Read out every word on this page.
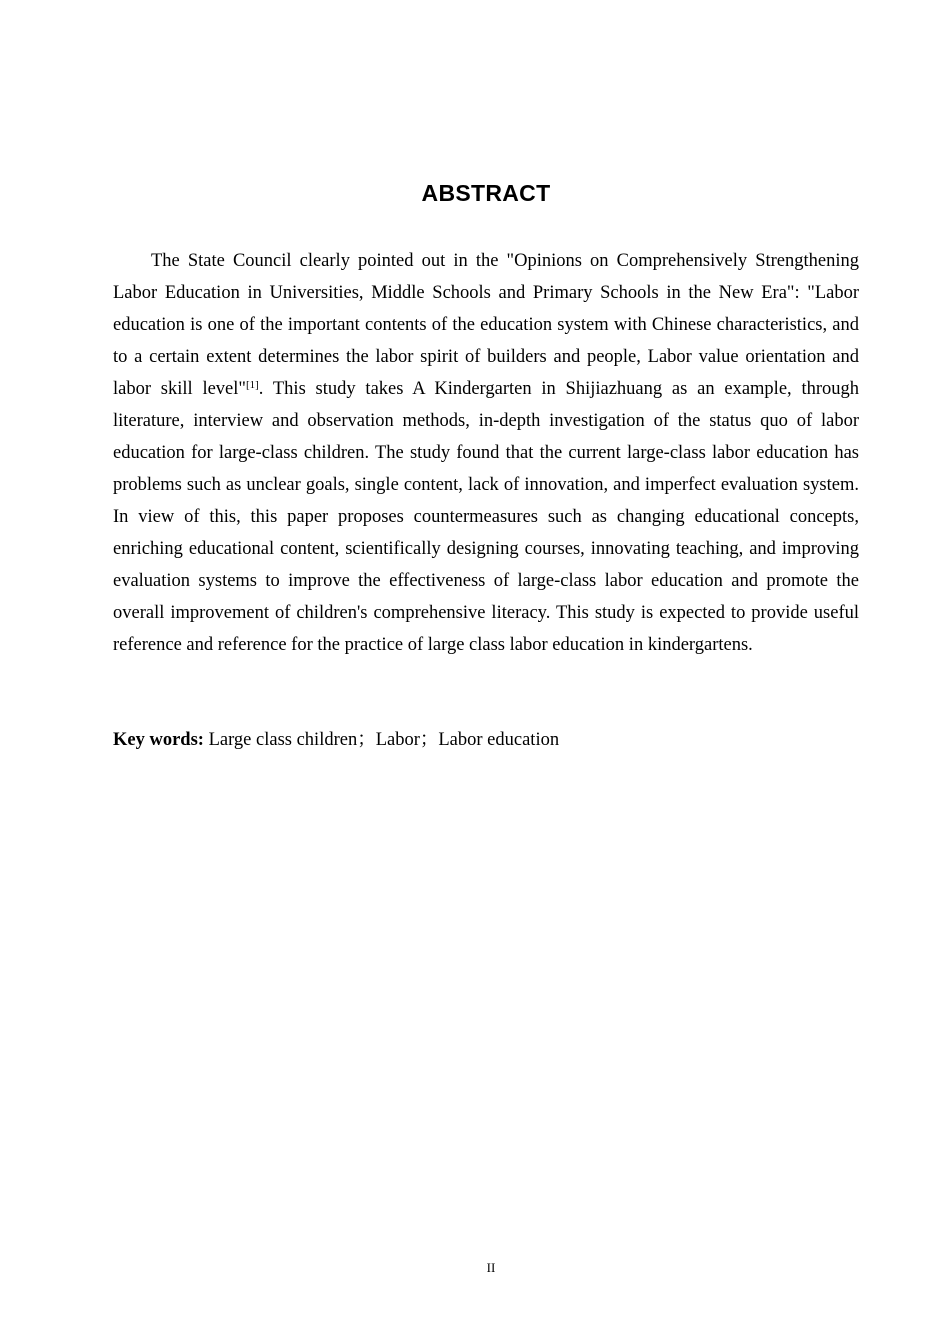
ABSTRACT

The State Council clearly pointed out in the "Opinions on Comprehensively Strengthening Labor Education in Universities, Middle Schools and Primary Schools in the New Era": "Labor education is one of the important contents of the education system with Chinese characteristics, and to a certain extent determines the labor spirit of builders and people, Labor value orientation and labor skill level"[1]. This study takes A Kindergarten in Shijiazhuang as an example, through literature, interview and observation methods, in-depth investigation of the status quo of labor education for large-class children. The study found that the current large-class labor education has problems such as unclear goals, single content, lack of innovation, and imperfect evaluation system. In view of this, this paper proposes countermeasures such as changing educational concepts, enriching educational content, scientifically designing courses, innovating teaching, and improving evaluation systems to improve the effectiveness of large-class labor education and promote the overall improvement of children's comprehensive literacy. This study is expected to provide useful reference and reference for the practice of large class labor education in kindergartens.

Key words: Large class children；Labor；Labor education

II
